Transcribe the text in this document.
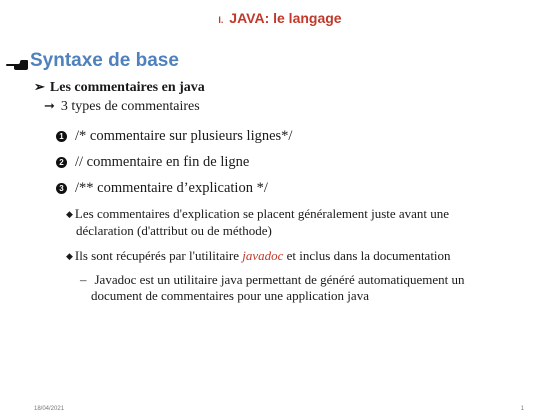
I. JAVA: le langage
Syntaxe de base
➢ Les commentaires en java
➞ 3 types de commentaires
1 /* commentaire sur plusieurs lignes*/
2 // commentaire en fin de ligne
3 /** commentaire d’explication */
◆ Les commentaires d'explication se placent généralement juste avant une
déclaration (d'attribut ou de méthode)
◆ Ils sont récupérés par l'utilitaire javadoc et inclus dans la documentation
– Javadoc est un utilitaire java permettant de généré automatiquement un
document de commentaires pour une application java
18/04/2021	1
